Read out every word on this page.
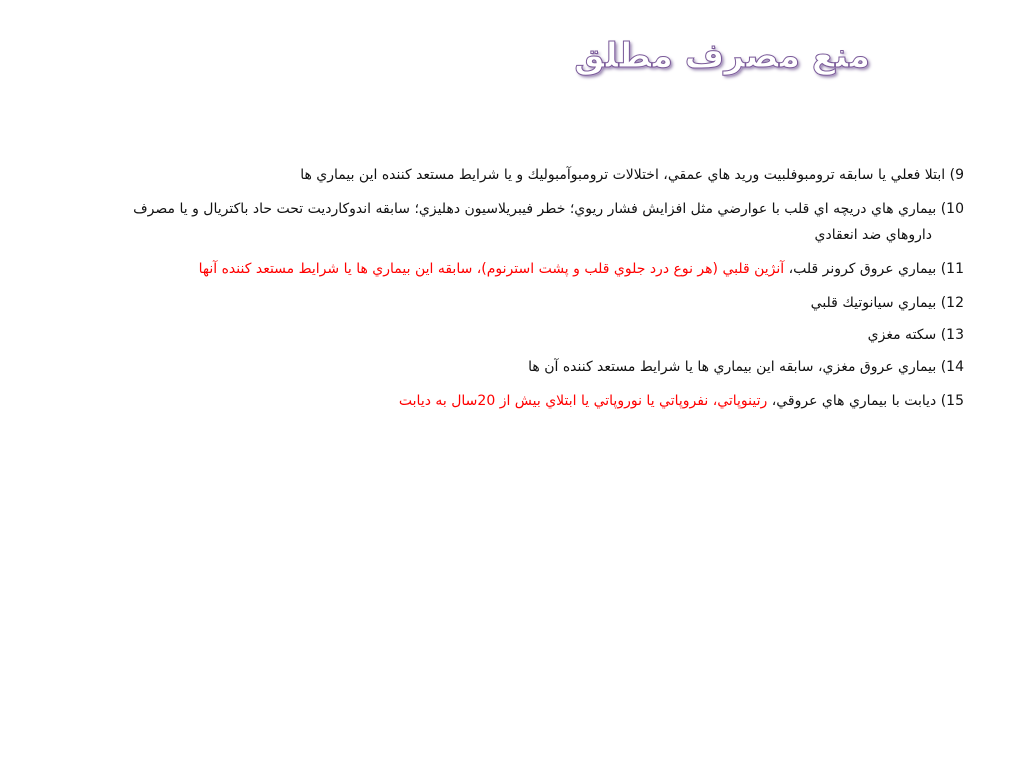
منع مصرف مطلق
9) ابتلا فعلي يا سابقه ترومبوفلبيت وريد هاي عمقي، اختلالات ترومبوآمبوليك و يا شرايط مستعد كننده اين بيماري ها
10) بيماري هاي دريچه اي قلب با عوارضي مثل افزايش فشار ريوي؛ خطر فيبريلاسيون دهليزي؛ سابقه اندوكارديت تحت حاد باكتريال و يا مصرف
داروهاي ضد انعقادي
11) بيماري عروق كرونر قلب، آنژين قلبي (هر نوع درد جلوي قلب و پشت استرنوم)، سابقه اين بيماري ها يا شرايط مستعد كننده آنها
12) بيماري سيانوتيك قلبي
13) سكته مغزي
14) بيماري عروق مغزي، سابقه اين بيماري ها يا شرايط مستعد كننده آن ها
15) ديابت با بيماري هاي عروقي، رتينوپاتي، نفروپاتي يا نوروپاتي يا ابتلاي بيش از 20سال به ديابت
